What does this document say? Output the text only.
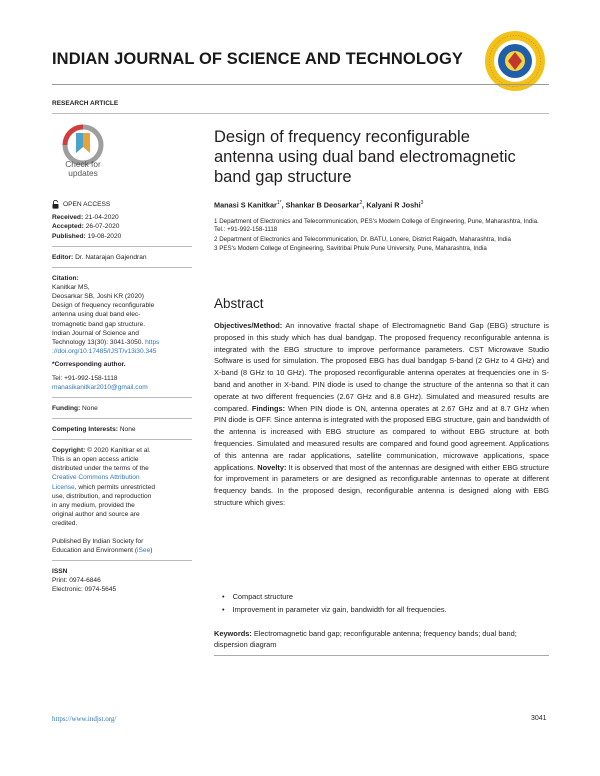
INDIAN JOURNAL OF SCIENCE AND TECHNOLOGY
RESEARCH ARTICLE
Check for
updates
OPEN ACCESS
Received: 21-04-2020
Accepted: 26-07-2020
Published: 19-08-2020
Editor: Dr. Natarajan Gajendran
Citation:
Kanitkar MS,
Deosarkar SB, Joshi KR (2020)
Design of frequency reconfigurable
antenna using dual band elec-
tromagnetic band gap structure.
Indian Journal of Science and
Technology 13(30): 3041-3050. https
://doi.org/10.17485/IJST/v13i30.345
*Corresponding author.
Tel: +91-992-158-1118
manasikanitkar2010@gmail.com
Funding: None
Competing Interests: None
Copyright: © 2020 Kanitkar et al.
This is an open access article
distributed under the terms of the
Creative Commons Attribution
License, which permits unrestricted
use, distribution, and reproduction
in any medium, provided the
original author and source are
credited.
Published By Indian Society for
Education and Environment (iSee)
ISSN
Print: 0974-6846
Electronic: 0974-5645
Design of frequency reconfigurable
antenna using dual band electromagnetic
band gap structure
Manasi S Kanitkar$^{1*}$, Shankar B Deosarkar$^2$, Kalyani R Joshi$^3$
1 Department of Electronics and Telecommunication, PES's Modern College of Engineering, Pune, Maharashtra, India. Tel.: +91-992-158-1118
2 Department of Electronics and Telecommunication, Dr. BATU, Lonere, District Raigadh, Maharashtra, India
3 PES's Modern College of Engineering, Savitribai Phule Pune University, Pune, Maharashtra, India
Abstract
Objectives/Method: An innovative fractal shape of Electromagnetic Band Gap (EBG) structure is proposed in this study which has dual bandgap. The proposed frequency reconfigurable antenna is integrated with the EBG structure to improve performance parameters. CST Microwave Studio Software is used for simulation. The proposed EBG has dual bandgap S-band (2 GHz to 4 GHz) and X-band (8 GHz to 10 GHz). The proposed reconfigurable antenna operates at frequencies one in S-band and another in X-band. PIN diode is used to change the structure of the antenna so that it can operate at two different frequencies (2.67 GHz and 8.8 GHz). Simulated and measured results are compared. Findings: When PIN diode is ON, antenna operates at 2.67 GHz and at 8.7 GHz when PIN diode is OFF. Since antenna is integrated with the proposed EBG structure, gain and bandwidth of the antenna is increased with EBG structure as compared to without EBG structure at both frequencies. Simulated and measured results are compared and found good agreement. Applications of this antenna are radar applications, satellite communication, microwave applications, space applications. Novelty: It is observed that most of the antennas are designed with either EBG structure for improvement in parameters or are designed as reconfigurable antennas to operate at different frequency bands. In the proposed design, reconfigurable antenna is designed along with EBG structure which gives:
• Compact structure
• Improvement in parameter viz gain, bandwidth for all frequencies.
Keywords: Electromagnetic band gap; reconfigurable antenna; frequency bands; dual band; dispersion diagram
https://www.indjst.org/	3041
